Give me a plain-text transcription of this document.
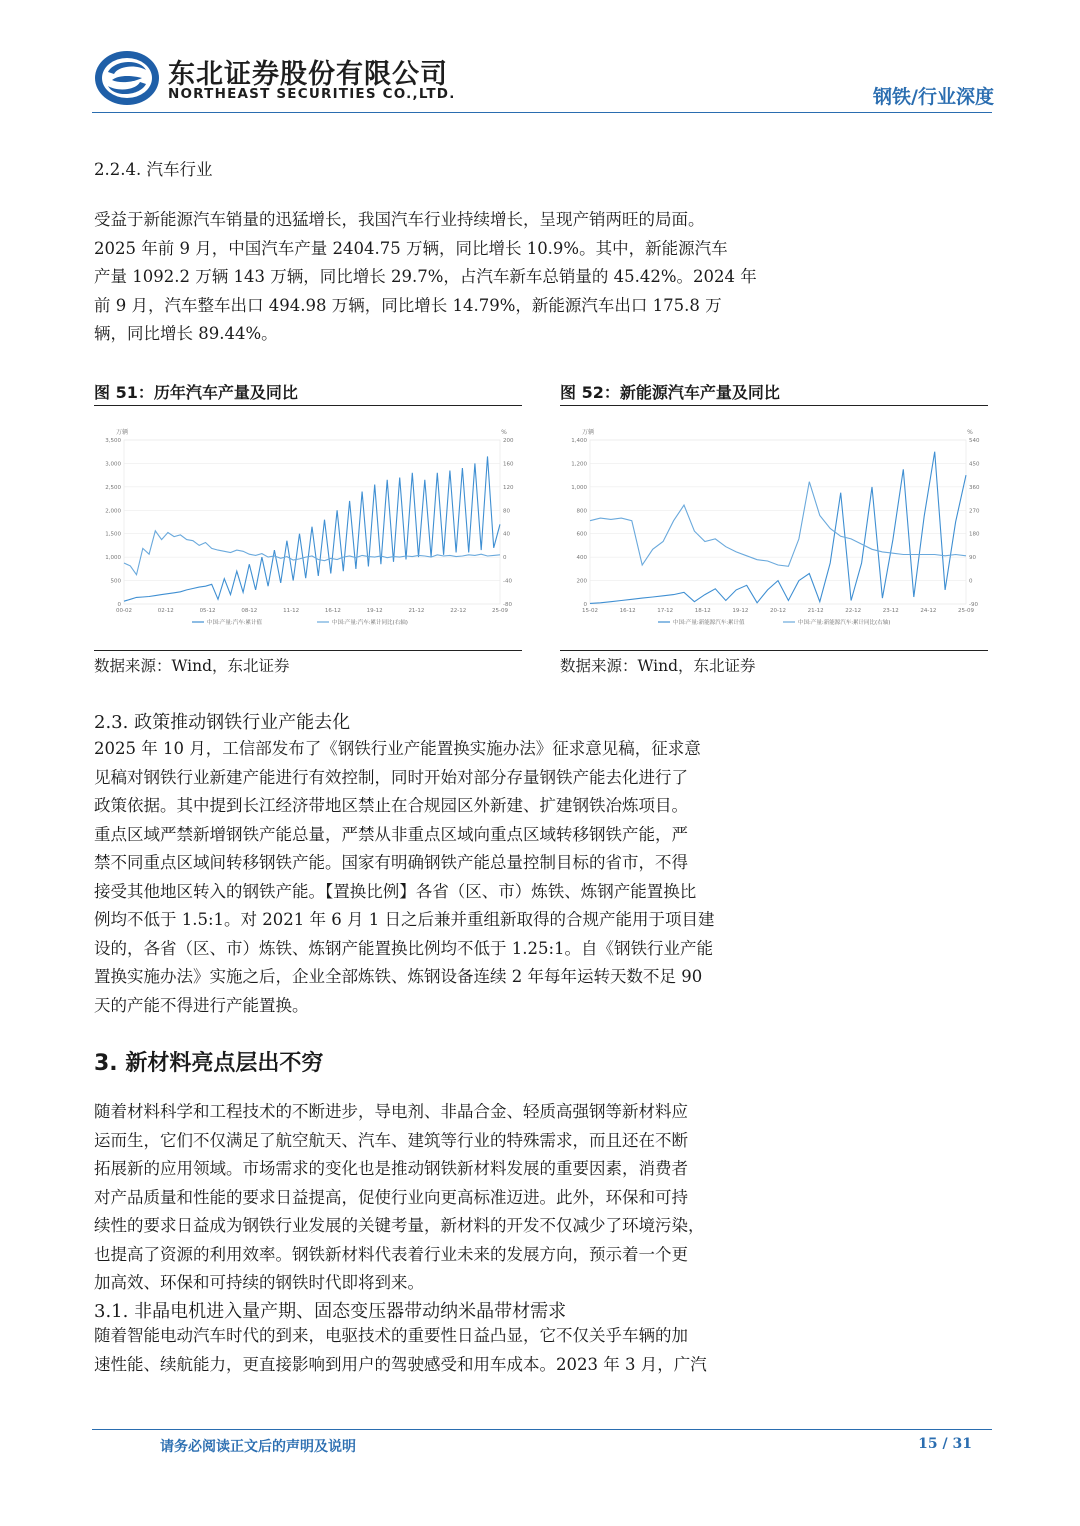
东北证券股份有限公司
NORTHEAST SECURITIES CO.,LTD.	钢铁/行业深度
2.2.4. 汽车行业

受益于新能源汽车销量的迅猛增长，我国汽车行业持续增长，呈现产销两旺的局面。

2025 年前 9 月，中国汽车产量 2404.75 万辆，同比增长 10.9%。其中，新能源汽车

产量 1092.2 万辆 143 万辆，同比增长 29.7%，占汽车新车总销量的 45.42%。2024 年

前 9 月，汽车整车出口 494.98 万辆，同比增长 14.79%，新能源汽车出口 175.8 万

辆，同比增长 89.44%。

图 51：历年汽车产量及同比
万辆	%
0	-80
500	-40
1,000	0
1,500	40
2,000	80
2,500	120
3,000	160
3,500	200
00-02	02-12	05-12	08-12	11-12	16-12	19-12	21-12	22-12	25-09
中国:产量:汽车:累计值	中国:产量:汽车:累计同比(右轴)
数据来源：Wind，东北证券
图 52：新能源汽车产量及同比
万辆	%
0	-90
200	0
400	90
600	180
800	270
1,000	360
1,200	450
1,400	540
15-02	16-12	17-12	18-12	19-12	20-12	21-12	22-12	23-12	24-12	25-09
中国:产量:新能源汽车:累计值	中国:产量:新能源汽车:累计同比(右轴)
数据来源：Wind，东北证券
2.3. 政策推动钢铁行业产能去化

2025 年 10 月，工信部发布了《钢铁行业产能置换实施办法》征求意见稿，征求意

见稿对钢铁行业新建产能进行有效控制，同时开始对部分存量钢铁产能去化进行了

政策依据。其中提到长江经济带地区禁止在合规园区外新建、扩建钢铁冶炼项目。

重点区域严禁新增钢铁产能总量，严禁从非重点区域向重点区域转移钢铁产能，严

禁不同重点区域间转移钢铁产能。国家有明确钢铁产能总量控制目标的省市，不得

接受其他地区转入的钢铁产能。【置换比例】各省（区、市）炼铁、炼钢产能置换比

例均不低于 1.5:1。对 2021 年 6 月 1 日之后兼并重组新取得的合规产能用于项目建

设的，各省（区、市）炼铁、炼钢产能置换比例均不低于 1.25:1。自《钢铁行业产能

置换实施办法》实施之后，企业全部炼铁、炼钢设备连续 2 年每年运转天数不足 90

天的产能不得进行产能置换。

3. 新材料亮点层出不穷

随着材料科学和工程技术的不断进步，导电剂、非晶合金、轻质高强钢等新材料应

运而生，它们不仅满足了航空航天、汽车、建筑等行业的特殊需求，而且还在不断

拓展新的应用领域。市场需求的变化也是推动钢铁新材料发展的重要因素，消费者

对产品质量和性能的要求日益提高，促使行业向更高标准迈进。此外，环保和可持

续性的要求日益成为钢铁行业发展的关键考量，新材料的开发不仅减少了环境污染，

也提高了资源的利用效率。钢铁新材料代表着行业未来的发展方向，预示着一个更

加高效、环保和可持续的钢铁时代即将到来。

3.1. 非晶电机进入量产期、固态变压器带动纳米晶带材需求

随着智能电动汽车时代的到来，电驱技术的重要性日益凸显，它不仅关乎车辆的加

速性能、续航能力，更直接影响到用户的驾驶感受和用车成本。2023 年 3 月，广汽

请务必阅读正文后的声明及说明	15 / 31
